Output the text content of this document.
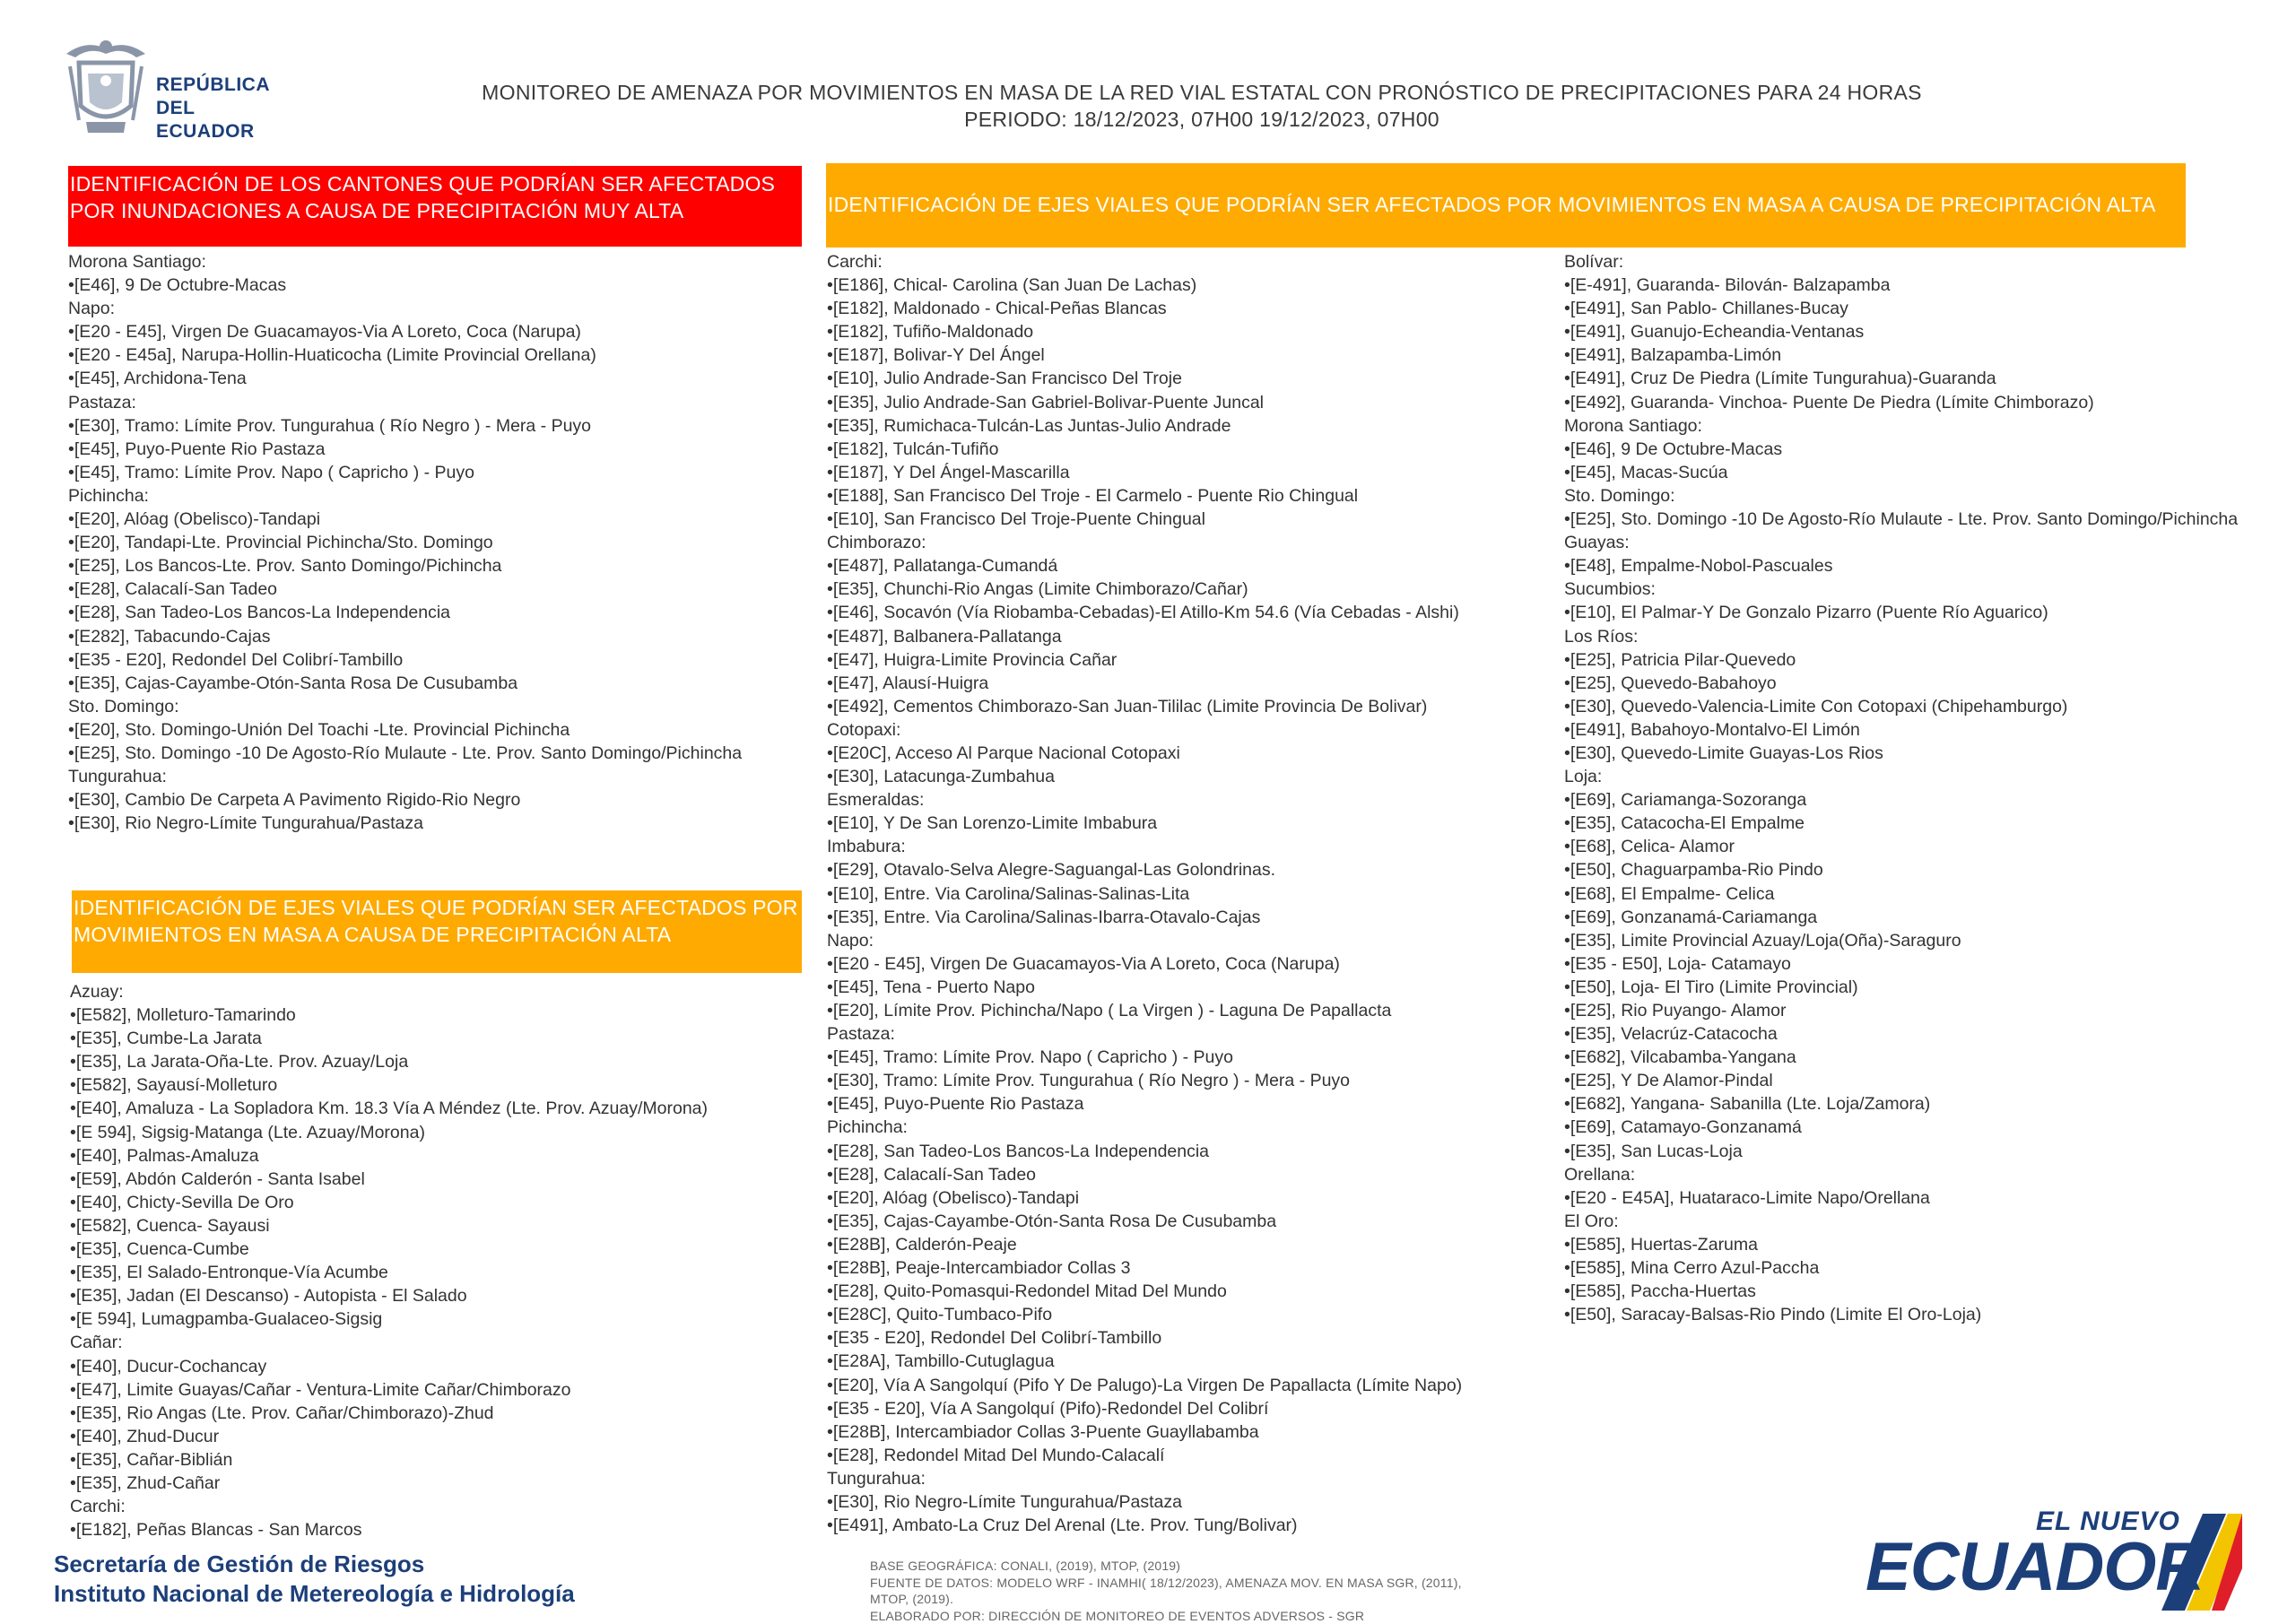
REPÚBLICA
DEL ECUADOR
MONITOREO DE AMENAZA POR MOVIMIENTOS EN MASA DE LA RED VIAL ESTATAL CON PRONÓSTICO DE PRECIPITACIONES PARA 24 HORAS
PERIODO: 18/12/2023, 07H00 19/12/2023, 07H00
IDENTIFICACIÓN DE LOS CANTONES QUE PODRÍAN SER AFECTADOS
POR INUNDACIONES A CAUSA DE PRECIPITACIÓN MUY ALTA
IDENTIFICACIÓN DE EJES VIALES QUE PODRÍAN SER AFECTADOS POR
MOVIMIENTOS EN MASA A CAUSA DE PRECIPITACIÓN ALTA
IDENTIFICACIÓN DE EJES VIALES QUE PODRÍAN SER AFECTADOS POR MOVIMIENTOS EN MASA A CAUSA DE PRECIPITACIÓN ALTA
Morona Santiago:
•[E46], 9 De Octubre-Macas
Napo:
•[E20 - E45], Virgen De Guacamayos-Via A Loreto, Coca (Narupa)
•[E20 - E45a], Narupa-Hollin-Huaticocha (Limite Provincial Orellana)
•[E45], Archidona-Tena
Pastaza:
•[E30], Tramo: Límite Prov. Tungurahua ( Río Negro ) - Mera - Puyo
•[E45], Puyo-Puente Rio Pastaza
•[E45], Tramo: Límite Prov. Napo ( Capricho ) - Puyo
Pichincha:
•[E20], Alóag (Obelisco)-Tandapi
•[E20], Tandapi-Lte. Provincial Pichincha/Sto. Domingo
•[E25], Los Bancos-Lte. Prov. Santo Domingo/Pichincha
•[E28], Calacalí-San Tadeo
•[E28], San Tadeo-Los Bancos-La Independencia
•[E282], Tabacundo-Cajas
•[E35 - E20], Redondel Del Colibrí-Tambillo
•[E35], Cajas-Cayambe-Otón-Santa Rosa De Cusubamba
Sto. Domingo:
•[E20], Sto. Domingo-Unión Del Toachi -Lte. Provincial Pichincha
•[E25], Sto. Domingo -10 De Agosto-Río Mulaute - Lte. Prov. Santo Domingo/Pichincha
Tungurahua:
•[E30], Cambio De Carpeta A Pavimento Rigido-Rio Negro
•[E30], Rio Negro-Límite Tungurahua/Pastaza
Azuay:
•[E582], Molleturo-Tamarindo
•[E35], Cumbe-La Jarata
•[E35], La Jarata-Oña-Lte. Prov. Azuay/Loja
•[E582], Sayausí-Molleturo
•[E40], Amaluza - La Sopladora Km. 18.3 Vía A Méndez (Lte. Prov. Azuay/Morona)
•[E 594], Sigsig-Matanga (Lte. Azuay/Morona)
•[E40], Palmas-Amaluza
•[E59], Abdón Calderón - Santa Isabel
•[E40], Chicty-Sevilla De Oro
•[E582], Cuenca- Sayausi
•[E35], Cuenca-Cumbe
•[E35], El Salado-Entronque-Vía Acumbe
•[E35], Jadan (El Descanso) - Autopista - El Salado
•[E 594], Lumagpamba-Gualaceo-Sigsig
Cañar:
•[E40], Ducur-Cochancay
•[E47], Limite Guayas/Cañar - Ventura-Limite Cañar/Chimborazo
•[E35], Rio Angas (Lte. Prov. Cañar/Chimborazo)-Zhud
•[E40], Zhud-Ducur
•[E35], Cañar-Biblián
•[E35], Zhud-Cañar
Carchi:
•[E182], Peñas Blancas - San Marcos
Carchi:
•[E186], Chical- Carolina (San Juan De Lachas)
•[E182], Maldonado - Chical-Peñas Blancas
•[E182], Tufiño-Maldonado
•[E187], Bolivar-Y Del Ángel
•[E10], Julio Andrade-San Francisco Del Troje
•[E35], Julio Andrade-San Gabriel-Bolivar-Puente Juncal
•[E35], Rumichaca-Tulcán-Las Juntas-Julio Andrade
•[E182], Tulcán-Tufiño
•[E187], Y Del Ángel-Mascarilla
•[E188], San Francisco Del Troje - El Carmelo - Puente Rio Chingual
•[E10], San Francisco Del Troje-Puente Chingual
Chimborazo:
•[E487], Pallatanga-Cumandá
•[E35], Chunchi-Rio Angas (Limite Chimborazo/Cañar)
•[E46], Socavón (Vía Riobamba-Cebadas)-El Atillo-Km 54.6 (Vía Cebadas - Alshi)
•[E487], Balbanera-Pallatanga
•[E47], Huigra-Limite Provincia Cañar
•[E47], Alausí-Huigra
•[E492], Cementos Chimborazo-San Juan-Tililac (Limite Provincia De Bolivar)
Cotopaxi:
•[E20C], Acceso Al Parque Nacional Cotopaxi
•[E30], Latacunga-Zumbahua
Esmeraldas:
•[E10], Y De San Lorenzo-Limite Imbabura
Imbabura:
•[E29], Otavalo-Selva Alegre-Saguangal-Las Golondrinas.
•[E10], Entre. Via Carolina/Salinas-Salinas-Lita
•[E35], Entre. Via Carolina/Salinas-Ibarra-Otavalo-Cajas
Napo:
•[E20 - E45], Virgen De Guacamayos-Via A Loreto, Coca (Narupa)
•[E45], Tena - Puerto Napo
•[E20], Límite Prov. Pichincha/Napo ( La Virgen ) - Laguna De Papallacta
Pastaza:
•[E45], Tramo: Límite Prov. Napo ( Capricho ) - Puyo
•[E30], Tramo: Límite Prov. Tungurahua ( Río Negro ) - Mera - Puyo
•[E45], Puyo-Puente Rio Pastaza
Pichincha:
•[E28], San Tadeo-Los Bancos-La Independencia
•[E28], Calacalí-San Tadeo
•[E20], Alóag (Obelisco)-Tandapi
•[E35], Cajas-Cayambe-Otón-Santa Rosa De Cusubamba
•[E28B], Calderón-Peaje
•[E28B], Peaje-Intercambiador Collas 3
•[E28], Quito-Pomasqui-Redondel Mitad Del Mundo
•[E28C], Quito-Tumbaco-Pifo
•[E35 - E20], Redondel Del Colibrí-Tambillo
•[E28A], Tambillo-Cutuglagua
•[E20], Vía A Sangolquí (Pifo Y De Palugo)-La Virgen De Papallacta (Límite Napo)
•[E35 - E20], Vía A Sangolquí (Pifo)-Redondel Del Colibrí
•[E28B], Intercambiador Collas 3-Puente Guayllabamba
•[E28], Redondel Mitad Del Mundo-Calacalí
Tungurahua:
•[E30], Rio Negro-Límite Tungurahua/Pastaza
•[E491], Ambato-La Cruz Del Arenal (Lte. Prov. Tung/Bolivar)
Bolívar:
•[E-491], Guaranda- Bilován- Balzapamba
•[E491], San Pablo- Chillanes-Bucay
•[E491], Guanujo-Echeandia-Ventanas
•[E491], Balzapamba-Limón
•[E491], Cruz De Piedra (Límite Tungurahua)-Guaranda
•[E492], Guaranda- Vinchoa- Puente De Piedra (Límite Chimborazo)
Morona Santiago:
•[E46], 9 De Octubre-Macas
•[E45], Macas-Sucúa
Sto. Domingo:
•[E25], Sto. Domingo -10 De Agosto-Río Mulaute - Lte. Prov. Santo Domingo/Pichincha
Guayas:
•[E48], Empalme-Nobol-Pascuales
Sucumbios:
•[E10], El Palmar-Y De Gonzalo Pizarro (Puente Río Aguarico)
Los Ríos:
•[E25], Patricia Pilar-Quevedo
•[E25], Quevedo-Babahoyo
•[E30], Quevedo-Valencia-Limite Con Cotopaxi (Chipehamburgo)
•[E491], Babahoyo-Montalvo-El Limón
•[E30], Quevedo-Limite Guayas-Los Rios
Loja:
•[E69], Cariamanga-Sozoranga
•[E35], Catacocha-El Empalme
•[E68], Celica- Alamor
•[E50], Chaguarpamba-Rio Pindo
•[E68], El Empalme- Celica
•[E69], Gonzanamá-Cariamanga
•[E35], Limite Provincial Azuay/Loja(Oña)-Saraguro
•[E35 - E50], Loja- Catamayo
•[E50], Loja- El Tiro (Limite Provincial)
•[E25], Rio Puyango- Alamor
•[E35], Velacrúz-Catacocha
•[E682], Vilcabamba-Yangana
•[E25], Y De Alamor-Pindal
•[E682], Yangana- Sabanilla (Lte. Loja/Zamora)
•[E69], Catamayo-Gonzanamá
•[E35], San Lucas-Loja
Orellana:
•[E20 - E45A], Huataraco-Limite Napo/Orellana
El Oro:
•[E585], Huertas-Zaruma
•[E585], Mina Cerro Azul-Paccha
•[E585], Paccha-Huertas
•[E50], Saracay-Balsas-Rio Pindo (Limite El Oro-Loja)
Secretaría de Gestión de Riesgos
Instituto Nacional de Metereología e Hidrología
BASE GEOGRÁFICA: CONALI, (2019), MTOP, (2019)
FUENTE DE DATOS: MODELO WRF - INAMHI( 18/12/2023), AMENAZA MOV. EN MASA SGR, (2011),
MTOP, (2019).
ELABORADO POR: DIRECCIÓN DE MONITOREO DE EVENTOS ADVERSOS - SGR
EL NUEVO
ECUADOR
